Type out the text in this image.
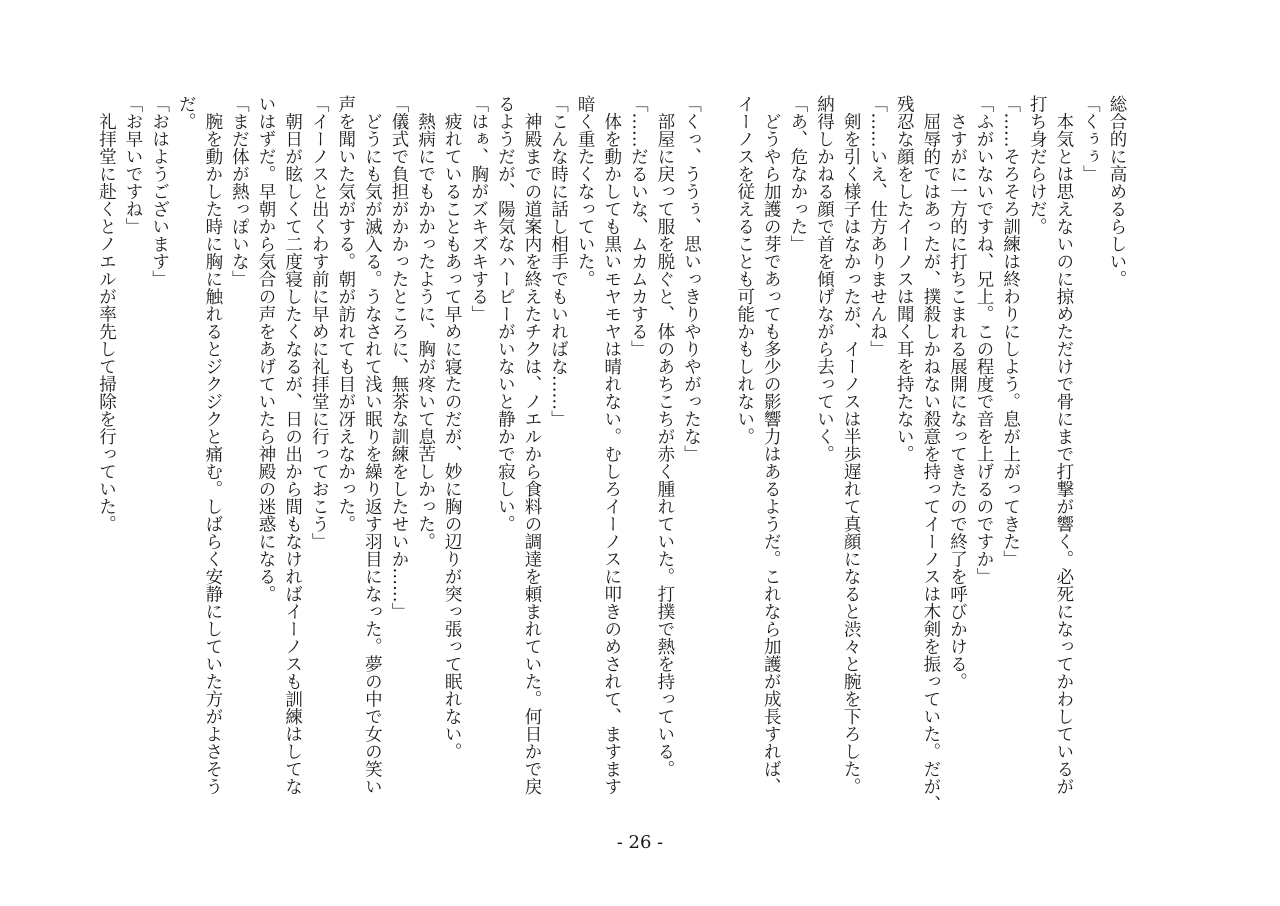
総合的に高めるらしい。

「くぅぅ」

　本気とは思えないのに掠めただけで骨にまで打撃が響く。必死になってかわしているが

打ち身だらけだ。

「……そろそろ訓練は終わりにしよう。息が上がってきた」

「ふがいないですね、兄上。この程度で音を上げるのですか」

　さすがに一方的に打ちこまれる展開になってきたので終了を呼びかける。

　屈辱的ではあったが、撲殺しかねない殺意を持ってイーノスは木剣を振っていた。だが、

残忍な顔をしたイーノスは聞く耳を持たない。

「……いえ、仕方ありませんね」

　剣を引く様子はなかったが、イーノスは半歩遅れて真顔になると渋々と腕を下ろした。

納得しかねる顔で首を傾げながら去っていく。

「あ、危なかった」

　どうやら加護の芽であっても多少の影響力はあるようだ。これなら加護が成長すれば、

イーノスを従えることも可能かもしれない。

「くっ、ううぅ、思いっきりやりやがったな」

　部屋に戻って服を脱ぐと、体のあちこちが赤く腫れていた。打撲で熱を持っている。

「……だるいな、ムカムカする」

　体を動かしても黒いモヤモヤは晴れない。むしろイーノスに叩きのめされて、ますます

暗く重たくなっていた。

「こんな時に話し相手でもいればな……」

　神殿までの道案内を終えたチクは、ノエルから食料の調達を頼まれていた。何日かで戻

るようだが、陽気なハーピーがいないと静かで寂しい。

「はぁ、胸がズキズキする」

　疲れていることもあって早めに寝たのだが、妙に胸の辺りが突っ張って眠れない。

　熱病にでもかかったように、胸が疼いて息苦しかった。

「儀式で負担がかかったところに、無茶な訓練をしたせいか……」

　どうにも気が滅入る。うなされて浅い眠りを繰り返す羽目になった。夢の中で女の笑い

声を聞いた気がする。朝が訪れても目が冴えなかった。

「イーノスと出くわす前に早めに礼拝堂に行っておこう」

　朝日が眩しくて二度寝したくなるが、日の出から間もなければイーノスも訓練はしてな

いはずだ。早朝から気合の声をあげていたら神殿の迷惑になる。

「まだ体が熱っぽいな」

　腕を動かした時に胸に触れるとジクジクと痛む。しばらく安静にしていた方がよさそう

だ。

「おはようございます」

「お早いですね」

　礼拝堂に赴くとノエルが率先して掃除を行っていた。

- 26 -
